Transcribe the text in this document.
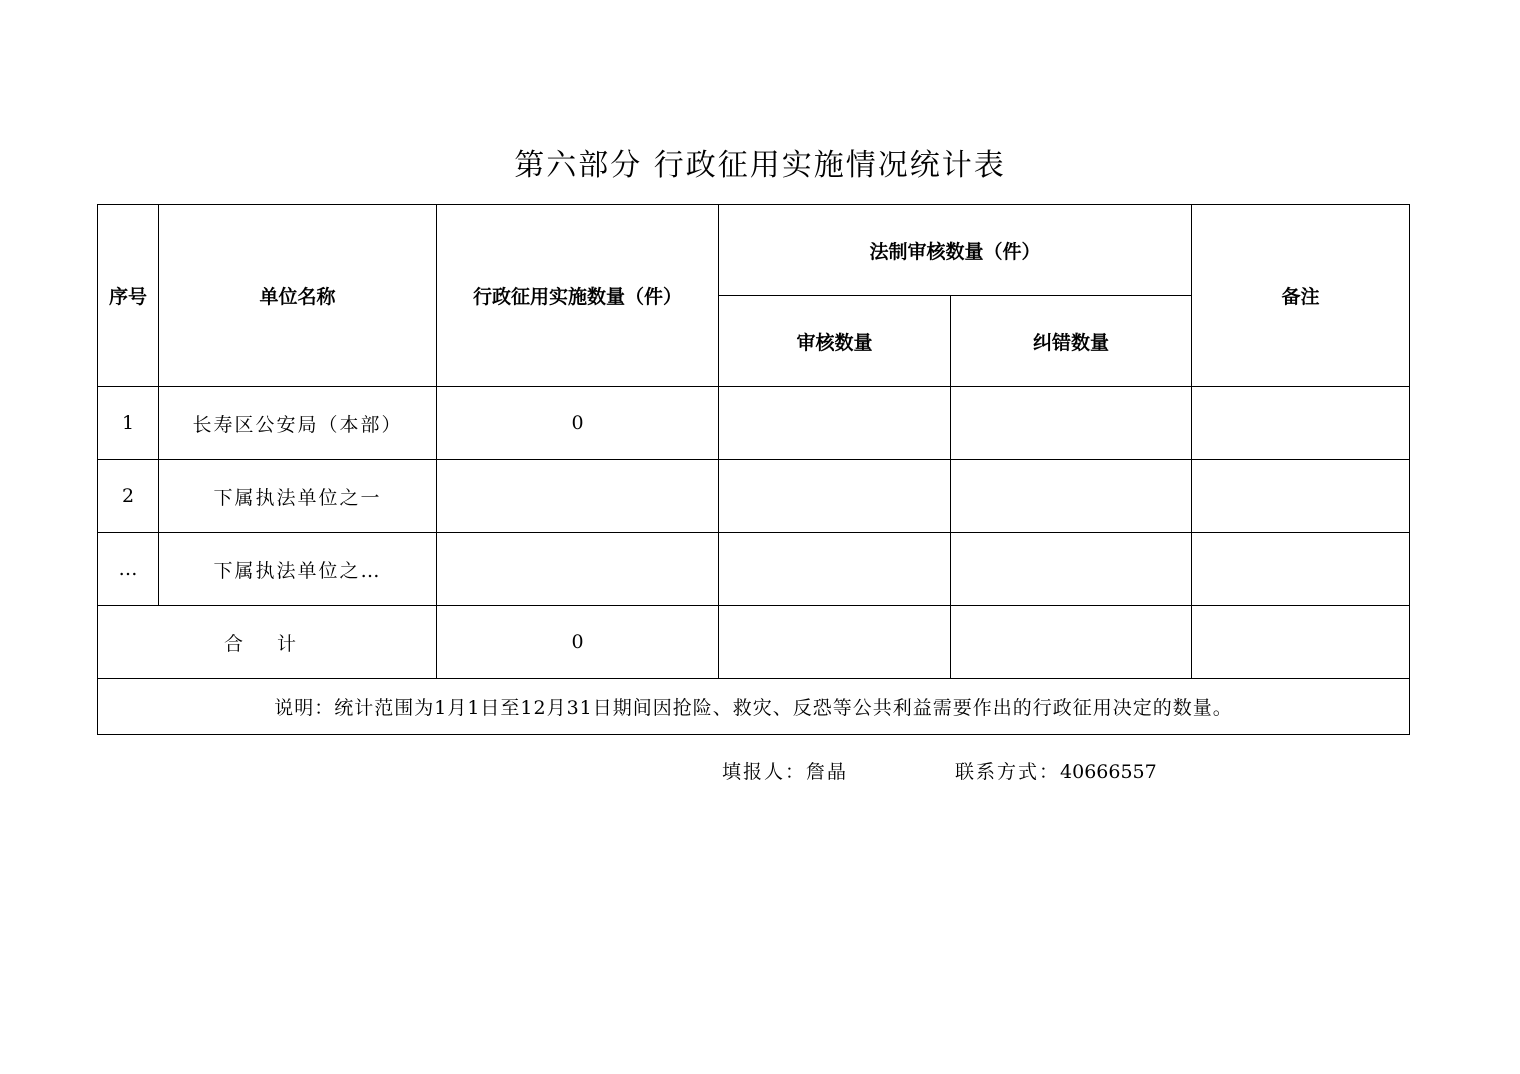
第六部分 行政征用实施情况统计表
序号	单位名称	行政征用实施数量（件）	法制审核数量（件）		备注
			审核数量	纠错数量	
1	长寿区公安局（本部）	0			
2	下属执法单位之一				
…	下属执法单位之…				
合 计		0			
说明：统计范围为1月1日至12月31日期间因抢险、救灾、反恐等公共利益需要作出的行政征用决定的数量。					
填报人：詹晶	联系方式：40666557
